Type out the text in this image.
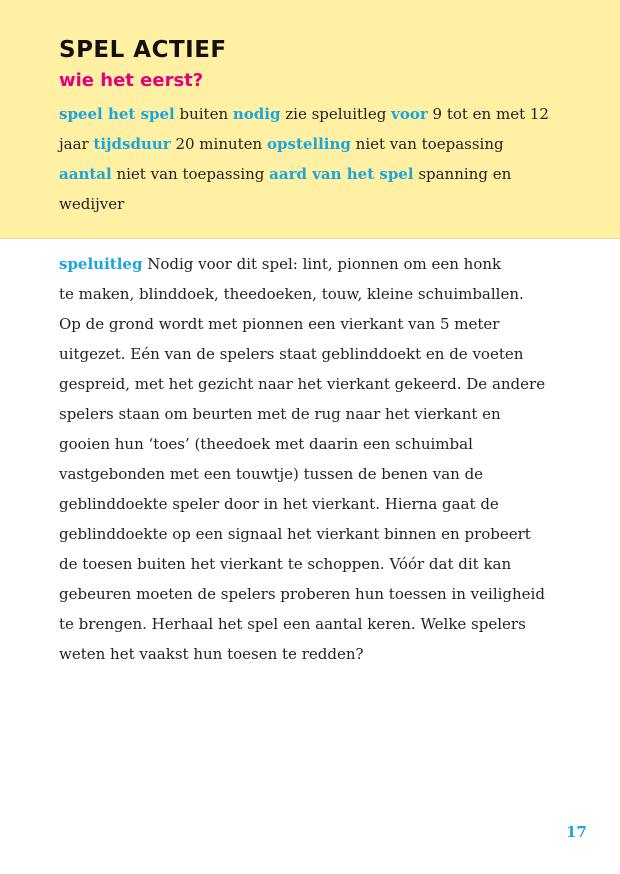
SPEL ACTIEF
wie het eerst?

speel het spel buiten nodig zie speluitleg voor 9 tot en met 12
jaar tijdsduur 20 minuten opstelling niet van toepassing
aantal niet van toepassing aard van het spel spanning en
wedijver

speluitleg Nodig voor dit spel: lint, pionnen om een honk
te maken, blinddoek, theedoeken, touw, kleine schuimballen.
Op de grond wordt met pionnen een vierkant van 5 meter
uitgezet. Eén van de spelers staat geblinddoekt en de voeten
gespreid, met het gezicht naar het vierkant gekeerd. De andere
spelers staan om beurten met de rug naar het vierkant en
gooien hun ‘toes’ (theedoek met daarin een schuimbal
vastgebonden met een touwtje) tussen de benen van de
geblinddoekte speler door in het vierkant. Hierna gaat de
geblinddoekte op een signaal het vierkant binnen en probeert
de toesen buiten het vierkant te schoppen. Vóór dat dit kan
gebeuren moeten de spelers proberen hun toessen in veiligheid
te brengen. Herhaal het spel een aantal keren. Welke spelers
weten het vaakst hun toesen te redden?

17
